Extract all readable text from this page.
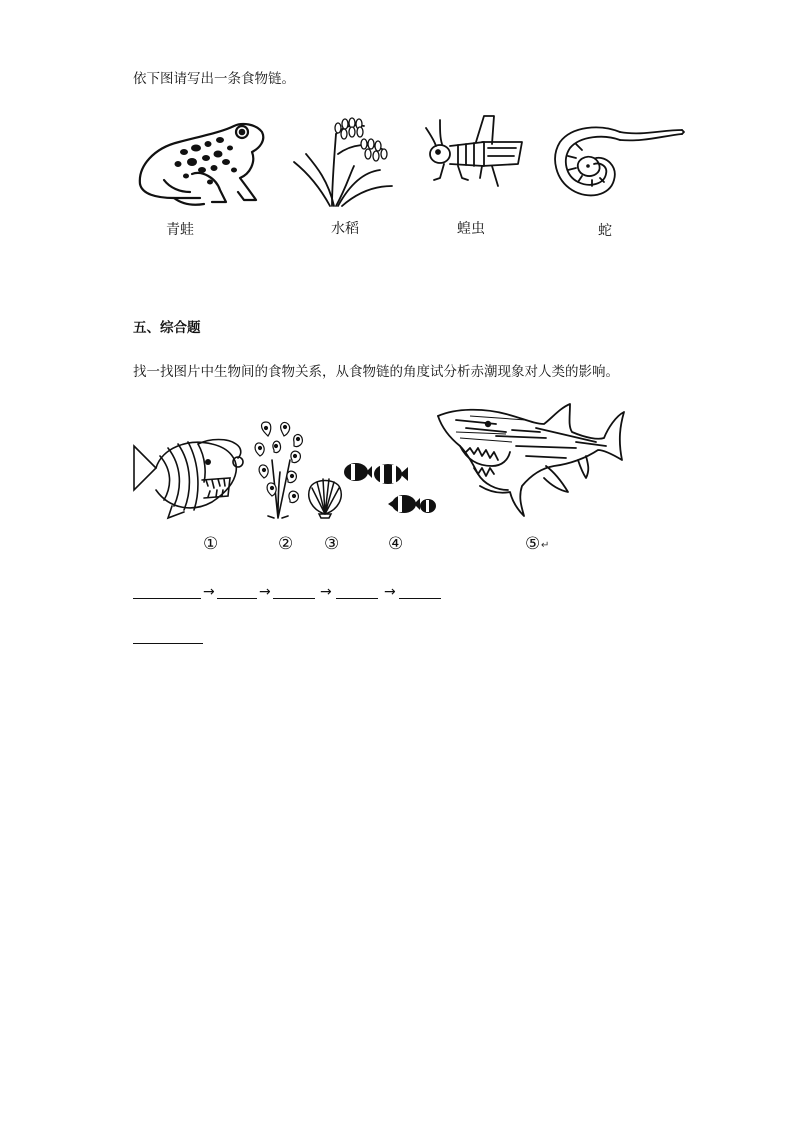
依下图请写出一条食物链。
青蛙	水稻	蝗虫	蛇
五、综合题
找一找图片中生物间的食物关系，从食物链的角度试分析赤潮现象对人类的影响。
①	② ③	④	⑤ ↵
→	→	→	→
